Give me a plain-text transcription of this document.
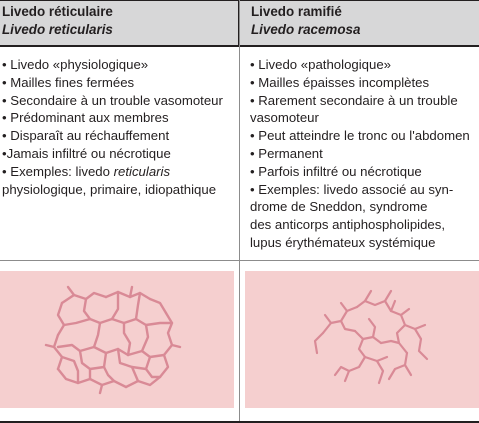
Livedo réticulaire
Livedo reticularis
Livedo ramifié
Livedo racemosa
• Livedo «physiologique»
• Mailles fines fermées
• Secondaire à un trouble vasomoteur
• Prédominant aux membres
• Disparaît au réchauffement
•Jamais infiltré ou nécrotique
• Exemples: livedo reticularis
physiologique, primaire, idiopathique
• Livedo «pathologique»
• Mailles épaisses incomplètes
• Rarement secondaire à un trouble
vasomoteur
• Peut atteindre le tronc ou l'abdomen
• Permanent
• Parfois infiltré ou nécrotique
• Exemples: livedo associé au syn-
drome de Sneddon, syndrome
des anticorps antiphospholipides,
lupus érythémateux systémique
